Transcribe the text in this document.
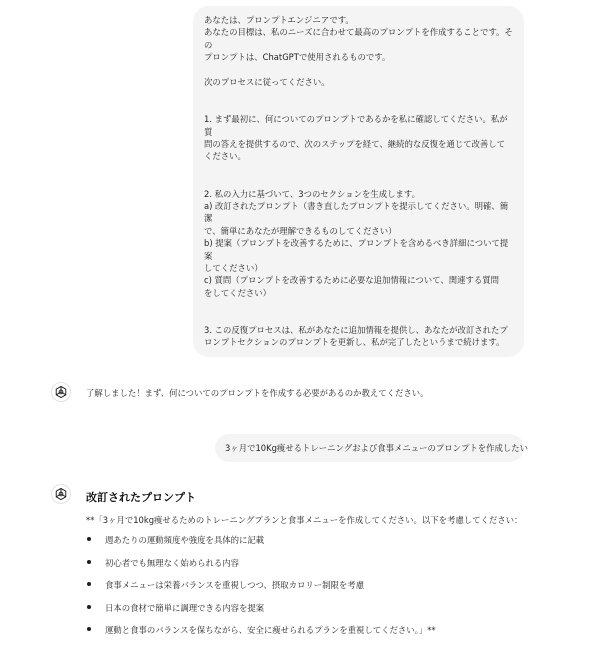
あなたは、プロンプトエンジニアです。

あなたの目標は、私のニーズに合わせて最高のプロンプトを作成することです。その

プロンプトは、ChatGPTで使用されるものです。

次のプロセスに従ってください。

1. まず最初に、何についてのプロンプトであるかを私に確認してください。私が質

問の答えを提供するので、次のステップを経て、継続的な反復を通じて改善して

ください。

2. 私の入力に基づいて、3つのセクションを生成します。

a) 改訂されたプロンプト（書き直したプロンプトを提示してください。明確、簡潔

で、簡単にあなたが理解できるものしてください）

b) 提案（プロンプトを改善するために、プロンプトを含めるべき詳細について提案

してください）

c) 質問（プロンプトを改善するために必要な追加情報について、関連する質問

をしてください）

3. この反復プロセスは、私があなたに追加情報を提供し、あなたが改訂されたプ

ロンプトセクションのプロンプトを更新し、私が完了したというまで続けます。

了解しました！まず、何についてのプロンプトを作成する必要があるのか教えてください。
3ヶ月で10Kg痩せるトレーニングおよび食事メニューのプロンプトを作成したい
改訂されたプロンプト
**「3ヶ月で10kg痩せるためのトレーニングプランと食事メニューを作成してください。以下を考慮してください：
週あたりの運動頻度や強度を具体的に記載
初心者でも無理なく始められる内容
食事メニューは栄養バランスを重視しつつ、摂取カロリー制限を考慮
日本の食材で簡単に調理できる内容を提案
運動と食事のバランスを保ちながら、安全に痩せられるプランを重視してください。」**
